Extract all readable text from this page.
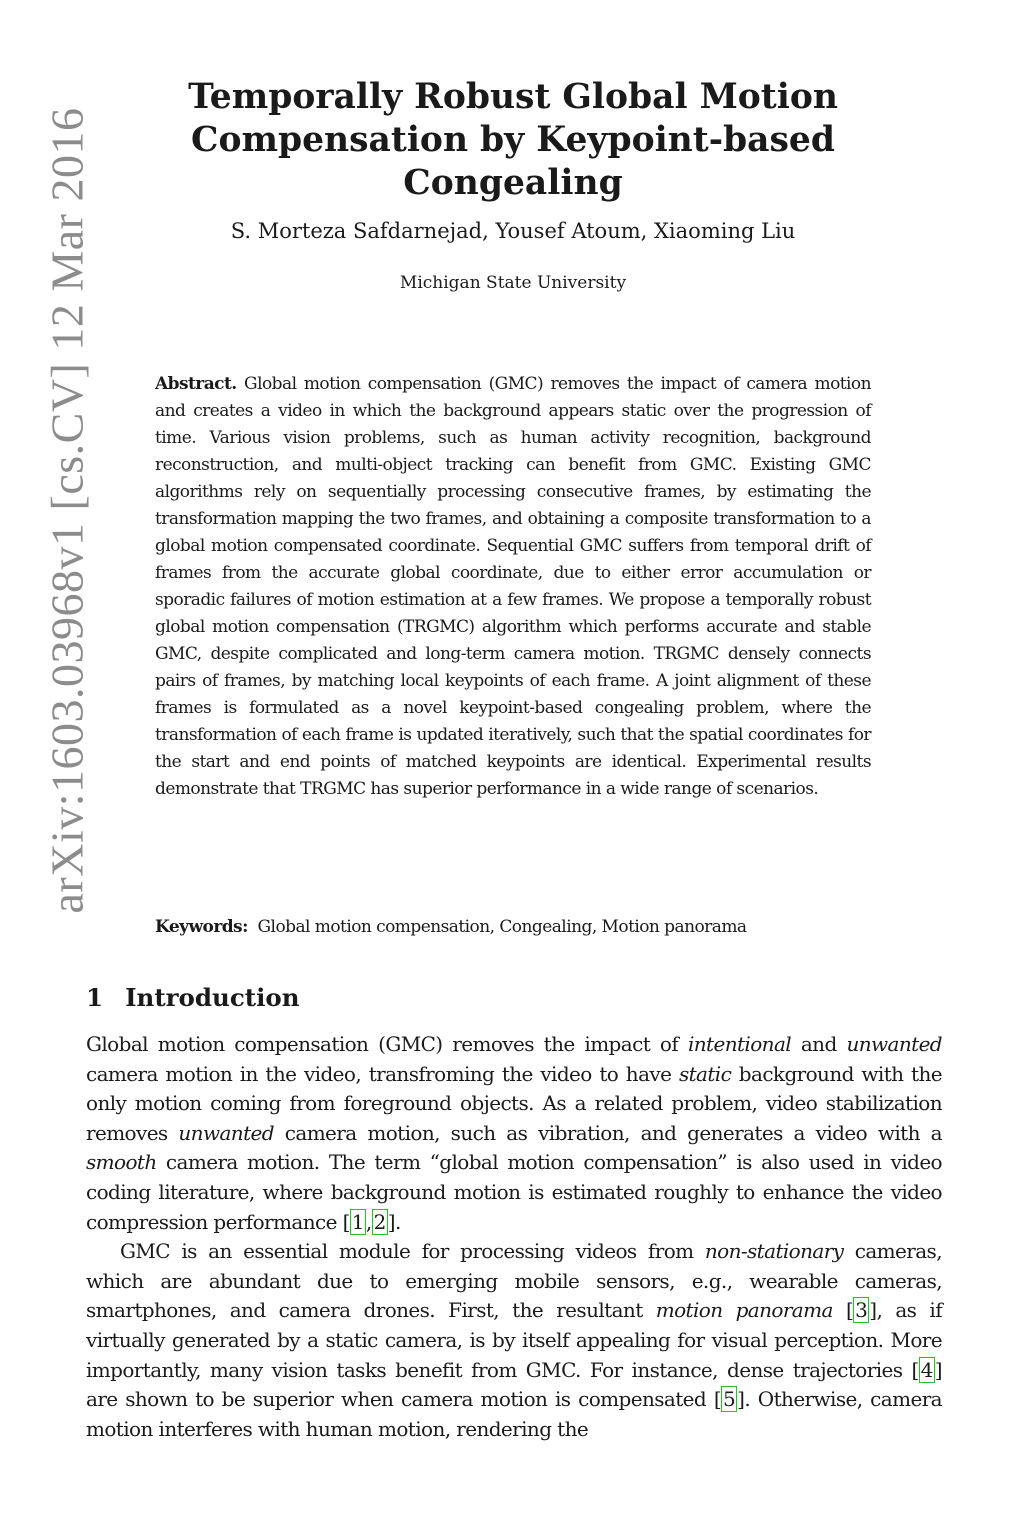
arXiv:1603.03968v1 [cs.CV] 12 Mar 2016
Temporally Robust Global Motion
Compensation by Keypoint-based Congealing
S. Morteza Safdarnejad, Yousef Atoum, Xiaoming Liu
Michigan State University

Abstract. Global motion compensation (GMC) removes the impact of camera motion and creates a video in which the background appears static over the progression of time. Various vision problems, such as human activity recognition, background reconstruction, and multi-object tracking can benefit from GMC. Existing GMC algorithms rely on sequentially processing consecutive frames, by estimating the transformation mapping the two frames, and obtaining a composite transformation to a global motion compensated coordinate. Sequential GMC suffers from temporal drift of frames from the accurate global coordinate, due to either error accumulation or sporadic failures of motion estimation at a few frames. We propose a temporally robust global motion compensation (TRGMC) algorithm which performs accurate and stable GMC, despite complicated and long-term camera motion. TRGMC densely connects pairs of frames, by matching local keypoints of each frame. A joint alignment of these frames is formulated as a novel keypoint-based congealing problem, where the transformation of each frame is updated iteratively, such that the spatial coordinates for the start and end points of matched keypoints are identical. Experimental results demonstrate that TRGMC has superior performance in a wide range of scenarios.

Keywords: Global motion compensation, Congealing, Motion panorama

1 Introduction

Global motion compensation (GMC) removes the impact of intentional and unwanted camera motion in the video, transfroming the video to have static background with the only motion coming from foreground objects. As a related problem, video stabilization removes unwanted camera motion, such as vibration, and generates a video with a smooth camera motion. The term “global motion compensation” is also used in video coding literature, where background motion is estimated roughly to enhance the video compression performance [ 1 , 2 ].

GMC is an essential module for processing videos from non-stationary cameras, which are abundant due to emerging mobile sensors, e.g., wearable cameras, smartphones, and camera drones. First, the resultant motion panorama [ 3 ], as if virtually generated by a static camera, is by itself appealing for visual perception. More importantly, many vision tasks benefit from GMC. For instance, dense trajectories [ 4 ] are shown to be superior when camera motion is compensated [ 5 ]. Otherwise, camera motion interferes with human motion, rendering the
